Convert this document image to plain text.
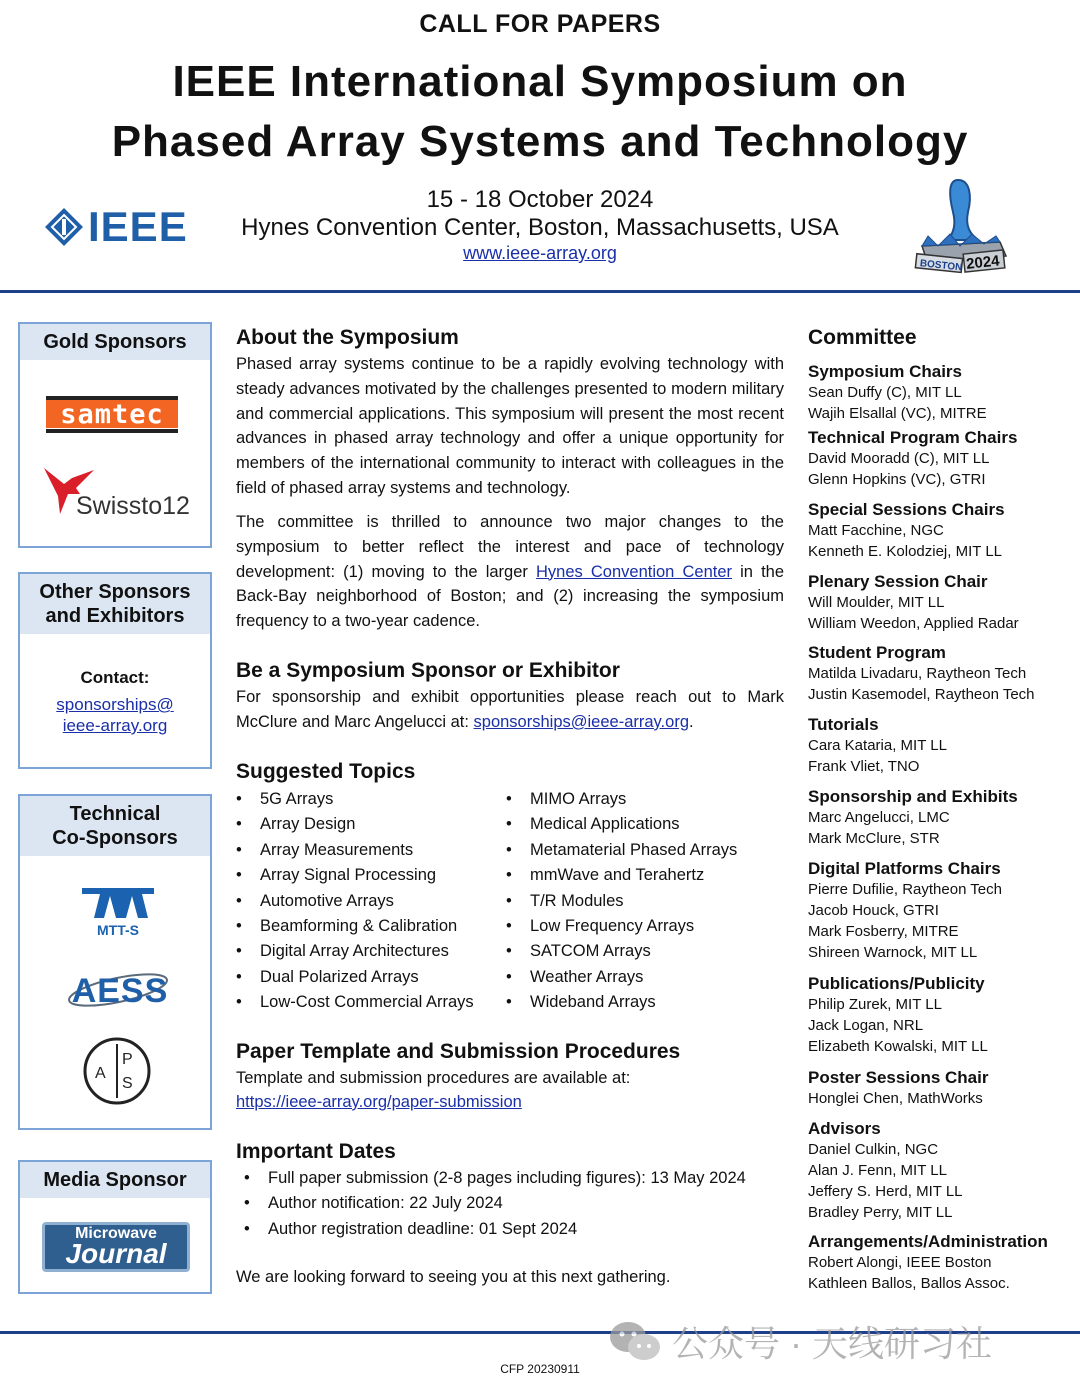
CALL FOR PAPERS
IEEE International Symposium on
Phased Array Systems and Technology
15 - 18 October 2024
Hynes Convention Center, Boston, Massachusetts, USA
www.ieee-array.org
IEEE
BOSTON 2024
Gold Sponsors
samtec
Swissto12
Other Sponsors
and Exhibitors
Contact:
sponsorships@
ieee-array.org
Technical
Co-Sponsors
MTT-S
AESS
A
P
S
Media Sponsor
Microwave
Journal
About the Symposium
Phased array systems continue to be a rapidly evolving technology with steady advances motivated by the challenges presented to modern military and commercial applications. This symposium will present the most recent advances in phased array technology and offer a unique opportunity for members of the international community to interact with colleagues in the field of phased array systems and technology.
The committee is thrilled to announce two major changes to the symposium to better reflect the interest and pace of technology development: (1) moving to the larger Hynes Convention Center in the Back-Bay neighborhood of Boston; and (2) increasing the symposium frequency to a two-year cadence.
Be a Symposium Sponsor or Exhibitor
For sponsorship and exhibit opportunities please reach out to Mark McClure and Marc Angelucci at: sponsorships@ieee-array.org.
Suggested Topics
• 5G Arrays
• Array Design
• Array Measurements
• Array Signal Processing
• Automotive Arrays
• Beamforming & Calibration
• Digital Array Architectures
• Dual Polarized Arrays
• Low-Cost Commercial Arrays
• MIMO Arrays
• Medical Applications
• Metamaterial Phased Arrays
• mmWave and Terahertz
• T/R Modules
• Low Frequency Arrays
• SATCOM Arrays
• Weather Arrays
• Wideband Arrays
Paper Template and Submission Procedures
Template and submission procedures are available at:
https://ieee-array.org/paper-submission
Important Dates
• Full paper submission (2-8 pages including figures): 13 May 2024
• Author notification: 22 July 2024
• Author registration deadline: 01 Sept 2024
We are looking forward to seeing you at this next gathering.
Committee
Symposium Chairs
Sean Duffy (C), MIT LL
Wajih Elsallal (VC), MITRE
Technical Program Chairs
David Mooradd (C), MIT LL
Glenn Hopkins (VC), GTRI
Special Sessions Chairs
Matt Facchine, NGC
Kenneth E. Kolodziej, MIT LL
Plenary Session Chair
Will Moulder, MIT LL
William Weedon, Applied Radar
Student Program
Matilda Livadaru, Raytheon Tech
Justin Kasemodel, Raytheon Tech
Tutorials
Cara Kataria, MIT LL
Frank Vliet, TNO
Sponsorship and Exhibits
Marc Angelucci, LMC
Mark McClure, STR
Digital Platforms Chairs
Pierre Dufilie, Raytheon Tech
Jacob Houck, GTRI
Mark Fosberry, MITRE
Shireen Warnock, MIT LL
Publications/Publicity
Philip Zurek, MIT LL
Jack Logan, NRL
Elizabeth Kowalski, MIT LL
Poster Sessions Chair
Honglei Chen, MathWorks
Advisors
Daniel Culkin, NGC
Alan J. Fenn, MIT LL
Jeffery S. Herd, MIT LL
Bradley Perry, MIT LL
Arrangements/Administration
Robert Alongi, IEEE Boston
Kathleen Ballos, Ballos Assoc.
公众号 · 天线研习社
CFP 20230911
